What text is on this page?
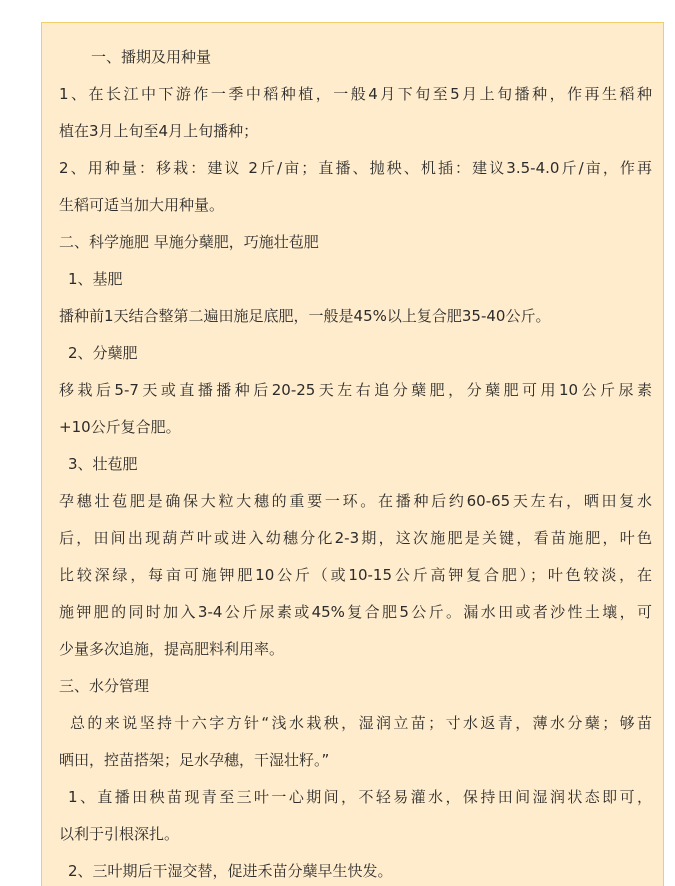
一、播期及用种量
1、在长江中下游作一季中稻种植，一般4月下旬至5月上旬播种，作再生稻种
植在3月上旬至4月上旬播种；
2、用种量：移栽：建议 2斤/亩；直播、抛秧、机插：建议3.5-4.0斤/亩，作再
生稻可适当加大用种量。
二、科学施肥 早施分蘖肥，巧施壮苞肥
1、基肥
播种前1天结合整第二遍田施足底肥，一般是45%以上复合肥35-40公斤。
2、分蘖肥
移栽后5-7天或直播播种后20-25天左右追分蘖肥，分蘖肥可用10公斤尿素
+10公斤复合肥。
3、壮苞肥
孕穗壮苞肥是确保大粒大穗的重要一环。在播种后约60-65天左右，晒田复水
后，田间出现葫芦叶或进入幼穗分化2-3期，这次施肥是关键，看苗施肥，叶色
比较深绿，每亩可施钾肥10公斤（或10-15公斤高钾复合肥）；叶色较淡，在
施钾肥的同时加入3-4公斤尿素或45%复合肥5公斤。漏水田或者沙性土壤，可
少量多次追施，提高肥料利用率。
三、水分管理
总的来说坚持十六字方针“浅水栽秧，湿润立苗；寸水返青，薄水分蘖；够苗
晒田，控苗搭架；足水孕穗，干湿壮籽。”
1、直播田秧苗现青至三叶一心期间，不轻易灌水，保持田间湿润状态即可，
以利于引根深扎。
2、三叶期后干湿交替，促进禾苗分蘖早生快发。
